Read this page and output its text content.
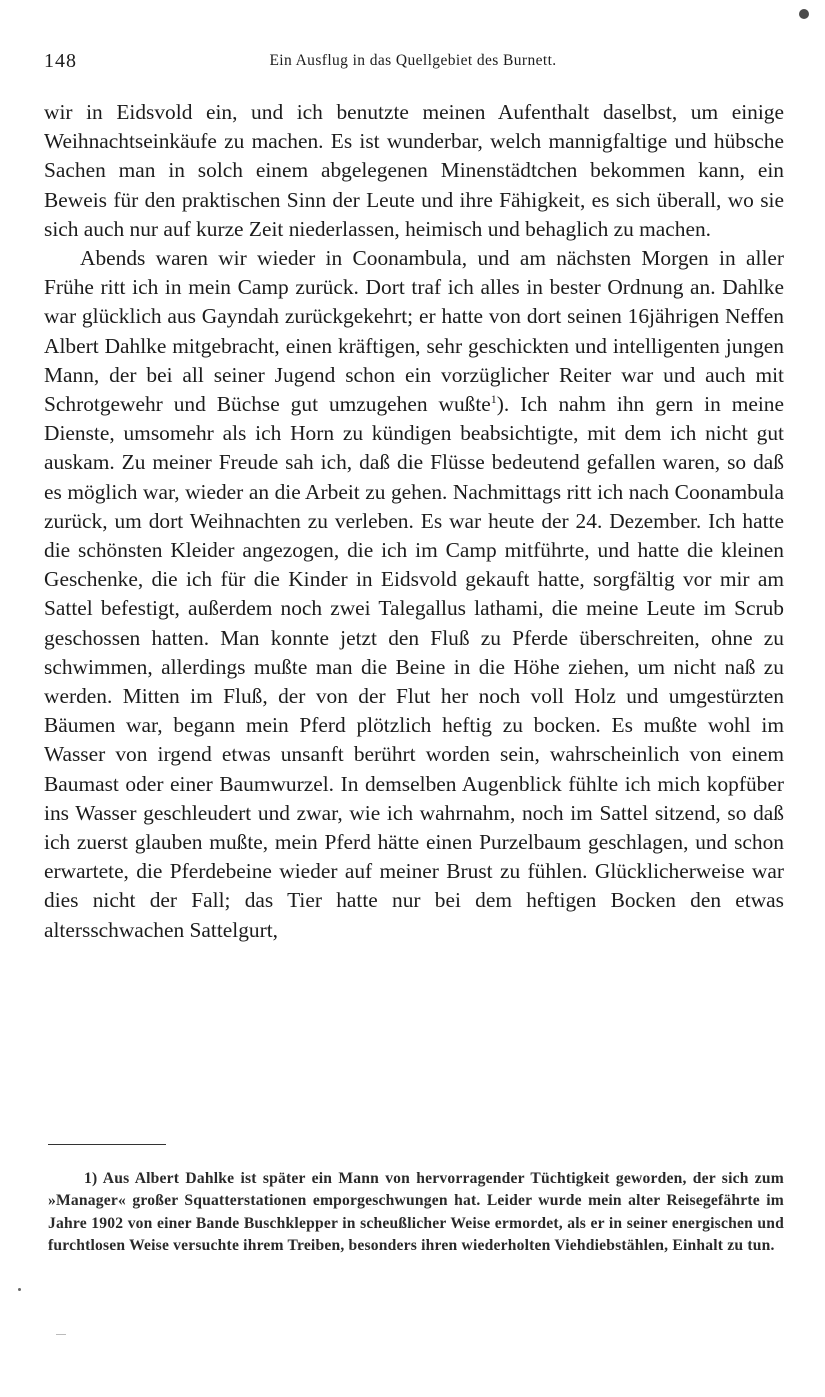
148	Ein Ausflug in das Quellgebiet des Burnett.

wir in Eidsvold ein, und ich benutzte meinen Aufenthalt daselbst, um einige Weihnachtseinkäufe zu machen. Es ist wunderbar, welch mannigfaltige und hübsche Sachen man in solch einem abgelegenen Minenstädtchen bekommen kann, ein Beweis für den praktischen Sinn der Leute und ihre Fähigkeit, es sich überall, wo sie sich auch nur auf kurze Zeit niederlassen, heimisch und behaglich zu machen.

Abends waren wir wieder in Coonambula, und am nächsten Morgen in aller Frühe ritt ich in mein Camp zurück. Dort traf ich alles in bester Ordnung an. Dahlke war glücklich aus Gayndah zurückgekehrt; er hatte von dort seinen 16jährigen Neffen Albert Dahlke mitgebracht, einen kräftigen, sehr geschickten und intelligenten jungen Mann, der bei all seiner Jugend schon ein vorzüglicher Reiter war und auch mit Schrotgewehr und Büchse gut umzugehen wußte$^1$). Ich nahm ihn gern in meine Dienste, umsomehr als ich Horn zu kündigen beabsichtigte, mit dem ich nicht gut auskam. Zu meiner Freude sah ich, daß die Flüsse bedeutend gefallen waren, so daß es möglich war, wieder an die Arbeit zu gehen. Nachmittags ritt ich nach Coonambula zurück, um dort Weihnachten zu verleben. Es war heute der 24. Dezember. Ich hatte die schönsten Kleider angezogen, die ich im Camp mitführte, und hatte die kleinen Geschenke, die ich für die Kinder in Eidsvold gekauft hatte, sorgfältig vor mir am Sattel befestigt, außerdem noch zwei Talegallus lathami, die meine Leute im Scrub geschossen hatten. Man konnte jetzt den Fluß zu Pferde überschreiten, ohne zu schwimmen, allerdings mußte man die Beine in die Höhe ziehen, um nicht naß zu werden. Mitten im Fluß, der von der Flut her noch voll Holz und umgestürzten Bäumen war, begann mein Pferd plötzlich heftig zu bocken. Es mußte wohl im Wasser von irgend etwas unsanft berührt worden sein, wahrscheinlich von einem Baumast oder einer Baumwurzel. In demselben Augenblick fühlte ich mich kopfüber ins Wasser geschleudert und zwar, wie ich wahrnahm, noch im Sattel sitzend, so daß ich zuerst glauben mußte, mein Pferd hätte einen Purzelbaum geschlagen, und schon erwartete, die Pferdebeine wieder auf meiner Brust zu fühlen. Glücklicherweise war dies nicht der Fall; das Tier hatte nur bei dem heftigen Bocken den etwas altersschwachen Sattelgurt,

1) Aus Albert Dahlke ist später ein Mann von hervorragender Tüchtigkeit geworden, der sich zum »Manager« großer Squatterstationen emporgeschwungen hat. Leider wurde mein alter Reisegefährte im Jahre 1902 von einer Bande Buschklepper in scheußlicher Weise ermordet, als er in seiner energischen und furchtlosen Weise versuchte ihrem Treiben, besonders ihren wiederholten Viehdiebstählen, Einhalt zu tun.
